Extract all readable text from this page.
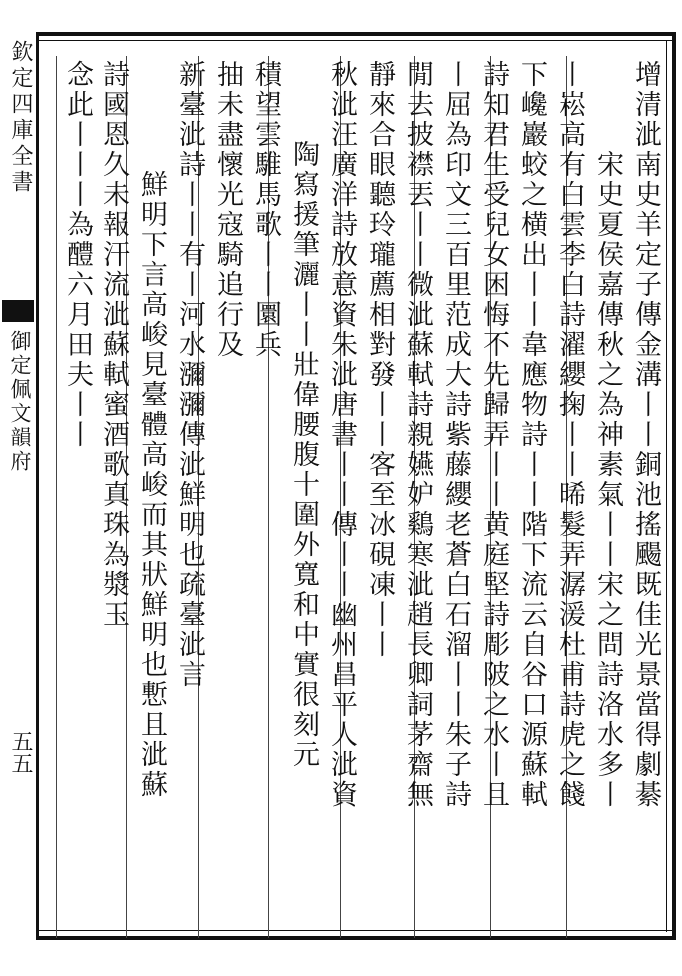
欽定四庫全書
御定佩文韻府
五五	增清泚南史羊定子傳金溝丨丨銅池搖颺既佳光景當得劇綦
宋史夏侯嘉傳秋之為神素氣丨丨宋之問詩洛水多丨
丨崧高有白雲李白詩濯纓掬丨丨晞髮弄潺湲杜甫詩虎之餞
下巉巖蛟之横出丨丨韋應物詩丨丨階下流云自谷口源蘇軾
詩知君生受兒女困悔不先歸弄丨丨黄庭堅詩彫陂之水丨且
丨屈為印文三百里范成大詩紫藤纓老蒼白石溜丨丨朱子詩
閒去披襟丟丨丨微泚蘇軾詩親嬿妒鷄寒泚趙長卿詞茅齋無
靜來合眼聽玲瓏薦相對發丨丨客至冰硯凍丨丨
秋泚汪廣洋詩放意資朱泚唐書丨丨傳丨丨幽州昌平人泚資
陶寫援筆灑丨丨壯偉腰腹十圍外寬和中實很刻元
積望雲騅馬歌丨丨圜兵
抽未盡懷光寇騎追行及
新臺泚詩丨丨有丨河水瀰瀰傳泚鮮明也疏臺泚言
鮮明下言高峻見臺體高峻而其狀鮮明也慙且泚蘇
詩國恩久未報汗流泚蘇軾蜜酒歌真珠為漿玉
念此丨丨丨為醴六月田夫丨丨
